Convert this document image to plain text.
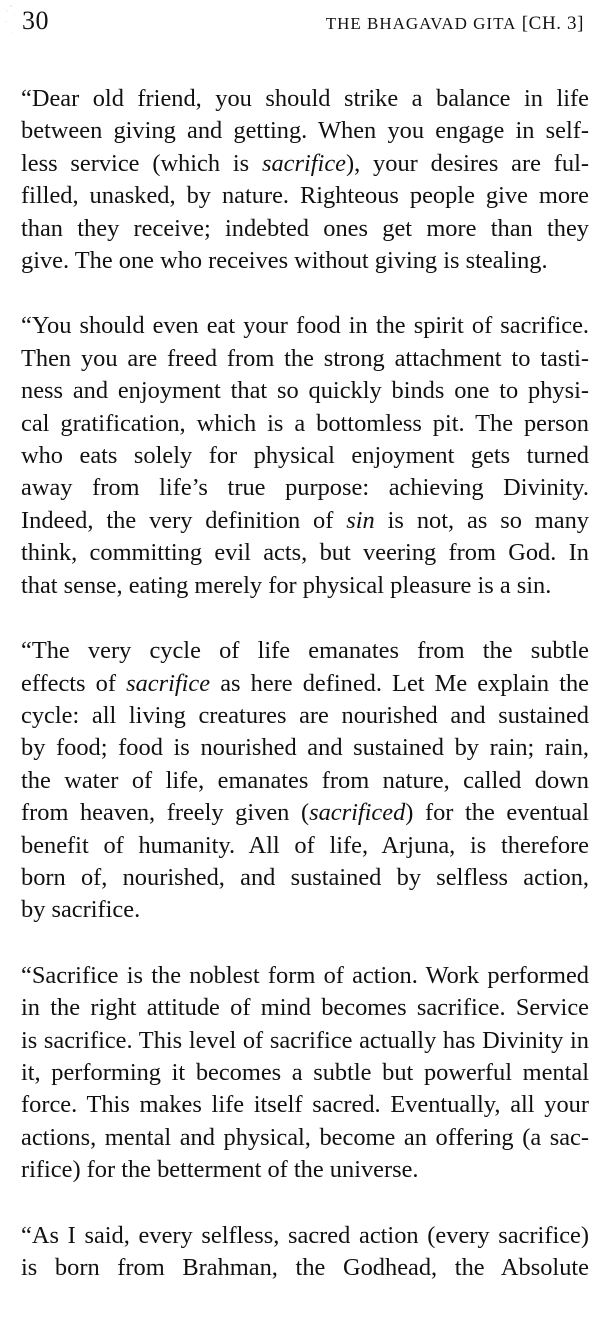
30	THE BHAGAVAD GITA [CH. 3]

“Dear old friend, you should strike a balance in life
between giving and getting. When you engage in self-
less service (which is sacrifice), your desires are ful-
filled, unasked, by nature. Righteous people give more
than they receive; indebted ones get more than they
give. The one who receives without giving is stealing.

“You should even eat your food in the spirit of sacrifice.
Then you are freed from the strong attachment to tasti-
ness and enjoyment that so quickly binds one to physi-
cal gratification, which is a bottomless pit. The person
who eats solely for physical enjoyment gets turned
away from life’s true purpose: achieving Divinity.
Indeed, the very definition of sin is not, as so many
think, committing evil acts, but veering from God. In
that sense, eating merely for physical pleasure is a sin.

“The very cycle of life emanates from the subtle
effects of sacrifice as here defined. Let Me explain the
cycle: all living creatures are nourished and sustained
by food; food is nourished and sustained by rain; rain,
the water of life, emanates from nature, called down
from heaven, freely given (sacrificed) for the eventual
benefit of humanity. All of life, Arjuna, is therefore
born of, nourished, and sustained by selfless action,
by sacrifice.

“Sacrifice is the noblest form of action. Work performed
in the right attitude of mind becomes sacrifice. Service
is sacrifice. This level of sacrifice actually has Divinity in
it, performing it becomes a subtle but powerful mental
force. This makes life itself sacred. Eventually, all your
actions, mental and physical, become an offering (a sac-
rifice) for the betterment of the universe.

“As I said, every selfless, sacred action (every sacrifice)
is born from Brahman, the Godhead, the Absolute
